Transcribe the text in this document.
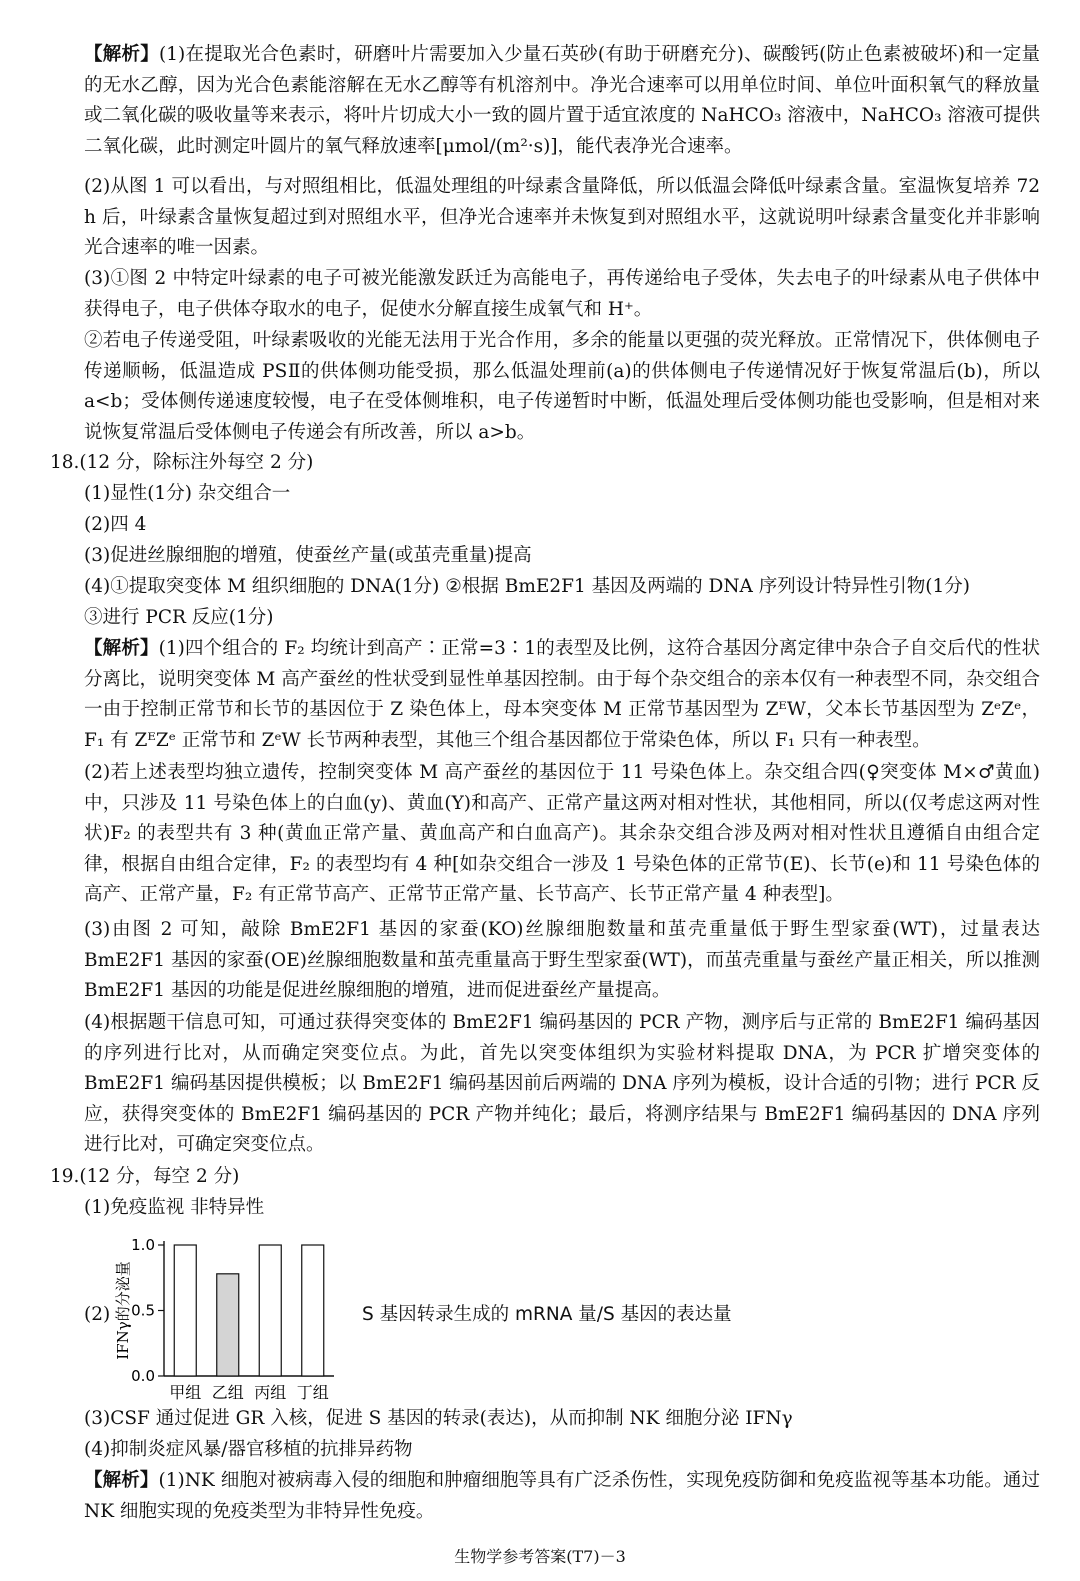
【解析】(1)在提取光合色素时，研磨叶片需要加入少量石英砂(有助于研磨充分)、碳酸钙(防止色素被破坏)和一定量的无水乙醇，因为光合色素能溶解在无水乙醇等有机溶剂中。净光合速率可以用单位时间、单位叶面积氧气的释放量或二氧化碳的吸收量等来表示，将叶片切成大小一致的圆片置于适宜浓度的 NaHCO₃ 溶液中，NaHCO₃ 溶液可提供二氧化碳，此时测定叶圆片的氧气释放速率[μmol/(m²·s)]，能代表净光合速率。
(2)从图 1 可以看出，与对照组相比，低温处理组的叶绿素含量降低，所以低温会降低叶绿素含量。室温恢复培养 72 h 后，叶绿素含量恢复超过到对照组水平，但净光合速率并未恢复到对照组水平，这就说明叶绿素含量变化并非影响光合速率的唯一因素。
(3)①图 2 中特定叶绿素的电子可被光能激发跃迁为高能电子，再传递给电子受体，失去电子的叶绿素从电子供体中获得电子，电子供体夺取水的电子，促使水分解直接生成氧气和 H⁺。
②若电子传递受阻，叶绿素吸收的光能无法用于光合作用，多余的能量以更强的荧光释放。正常情况下，供体侧电子传递顺畅，低温造成 PSⅡ的供体侧功能受损，那么低温处理前(a)的供体侧电子传递情况好于恢复常温后(b)，所以 a<b；受体侧传递速度较慢，电子在受体侧堆积，电子传递暂时中断，低温处理后受体侧功能也受影响，但是相对来说恢复常温后受体侧电子传递会有所改善，所以 a>b。
18.(12 分，除标注外每空 2 分)
(1)显性(1分) 杂交组合一
(2)四 4
(3)促进丝腺细胞的增殖，使蚕丝产量(或茧壳重量)提高
(4)①提取突变体 M 组织细胞的 DNA(1分) ②根据 BmE2F1 基因及两端的 DNA 序列设计特异性引物(1分)
③进行 PCR 反应(1分)
【解析】(1)四个组合的 F₂ 均统计到高产∶正常=3∶1的表型及比例，这符合基因分离定律中杂合子自交后代的性状分离比，说明突变体 M 高产蚕丝的性状受到显性单基因控制。由于每个杂交组合的亲本仅有一种表型不同，杂交组合一由于控制正常节和长节的基因位于 Z 染色体上，母本突变体 M 正常节基因型为 ZᴱW，父本长节基因型为 ZᵉZᵉ，F₁ 有 ZᴱZᵉ 正常节和 ZᵉW 长节两种表型，其他三个组合基因都位于常染色体，所以 F₁ 只有一种表型。
(2)若上述表型均独立遗传，控制突变体 M 高产蚕丝的基因位于 11 号染色体上。杂交组合四(♀突变体 M×♂黄血)中，只涉及 11 号染色体上的白血(y)、黄血(Y)和高产、正常产量这两对相对性状，其他相同，所以(仅考虑这两对性状)F₂ 的表型共有 3 种(黄血正常产量、黄血高产和白血高产)。其余杂交组合涉及两对相对性状且遵循自由组合定律，根据自由组合定律，F₂ 的表型均有 4 种[如杂交组合一涉及 1 号染色体的正常节(E)、长节(e)和 11 号染色体的高产、正常产量，F₂ 有正常节高产、正常节正常产量、长节高产、长节正常产量 4 种表型]。
(3)由图 2 可知，敲除 BmE2F1 基因的家蚕(KO)丝腺细胞数量和茧壳重量低于野生型家蚕(WT)，过量表达 BmE2F1 基因的家蚕(OE)丝腺细胞数量和茧壳重量高于野生型家蚕(WT)，而茧壳重量与蚕丝产量正相关，所以推测 BmE2F1 基因的功能是促进丝腺细胞的增殖，进而促进蚕丝产量提高。
(4)根据题干信息可知，可通过获得突变体的 BmE2F1 编码基因的 PCR 产物，测序后与正常的 BmE2F1 编码基因的序列进行比对，从而确定突变位点。为此，首先以突变体组织为实验材料提取 DNA，为 PCR 扩增突变体的 BmE2F1 编码基因提供模板；以 BmE2F1 编码基因前后两端的 DNA 序列为模板，设计合适的引物；进行 PCR 反应，获得突变体的 BmE2F1 编码基因的 PCR 产物并纯化；最后，将测序结果与 BmE2F1 编码基因的 DNA 序列进行比对，可确定突变位点。
19.(12 分，每空 2 分)
(1)免疫监视 非特异性
(2) IFNγ的分泌量
0.0
0.5
1.0
甲组 乙组 丙组 丁组
S 基因转录生成的 mRNA 量/S 基因的表达量
(3)CSF 通过促进 GR 入核，促进 S 基因的转录(表达)，从而抑制 NK 细胞分泌 IFNγ
(4)抑制炎症风暴/器官移植的抗排异药物
【解析】(1)NK 细胞对被病毒入侵的细胞和肿瘤细胞等具有广泛杀伤性，实现免疫防御和免疫监视等基本功能。通过 NK 细胞实现的免疫类型为非特异性免疫。
生物学参考答案(T7)－3
